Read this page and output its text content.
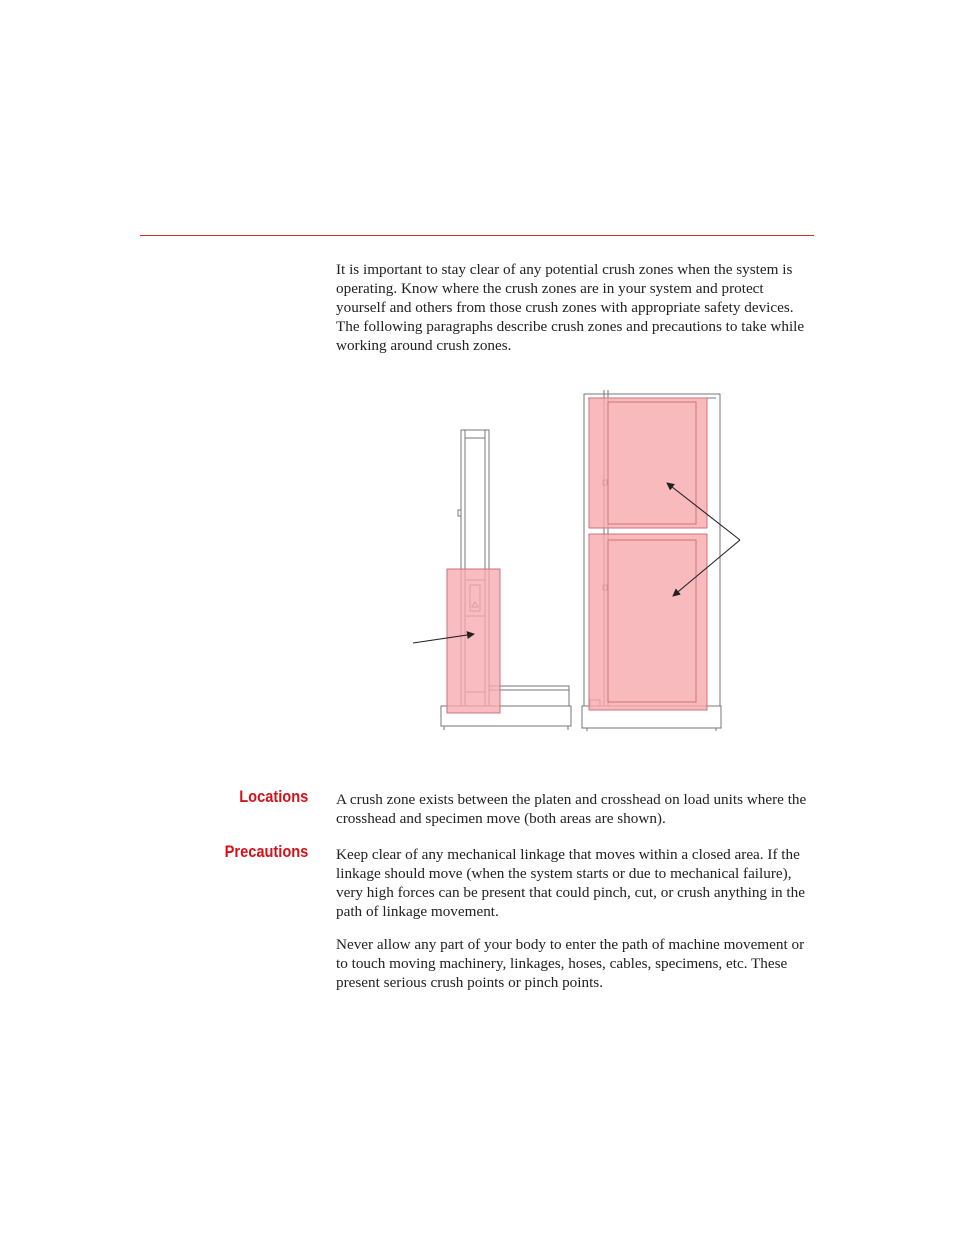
It is important to stay clear of any potential crush zones when the system is operating. Know where the crush zones are in your system and protect yourself and others from those crush zones with appropriate safety devices. The following paragraphs describe crush zones and precautions to take while working around crush zones.

Locations A crush zone exists between the platen and crosshead on load units where the crosshead and specimen move (both areas are shown).

Precautions Keep clear of any mechanical linkage that moves within a closed area. If the linkage should move (when the system starts or due to mechanical failure), very high forces can be present that could pinch, cut, or crush anything in the path of linkage movement.

Never allow any part of your body to enter the path of machine movement or to touch moving machinery, linkages, hoses, cables, specimens, etc. These present serious crush points or pinch points.
